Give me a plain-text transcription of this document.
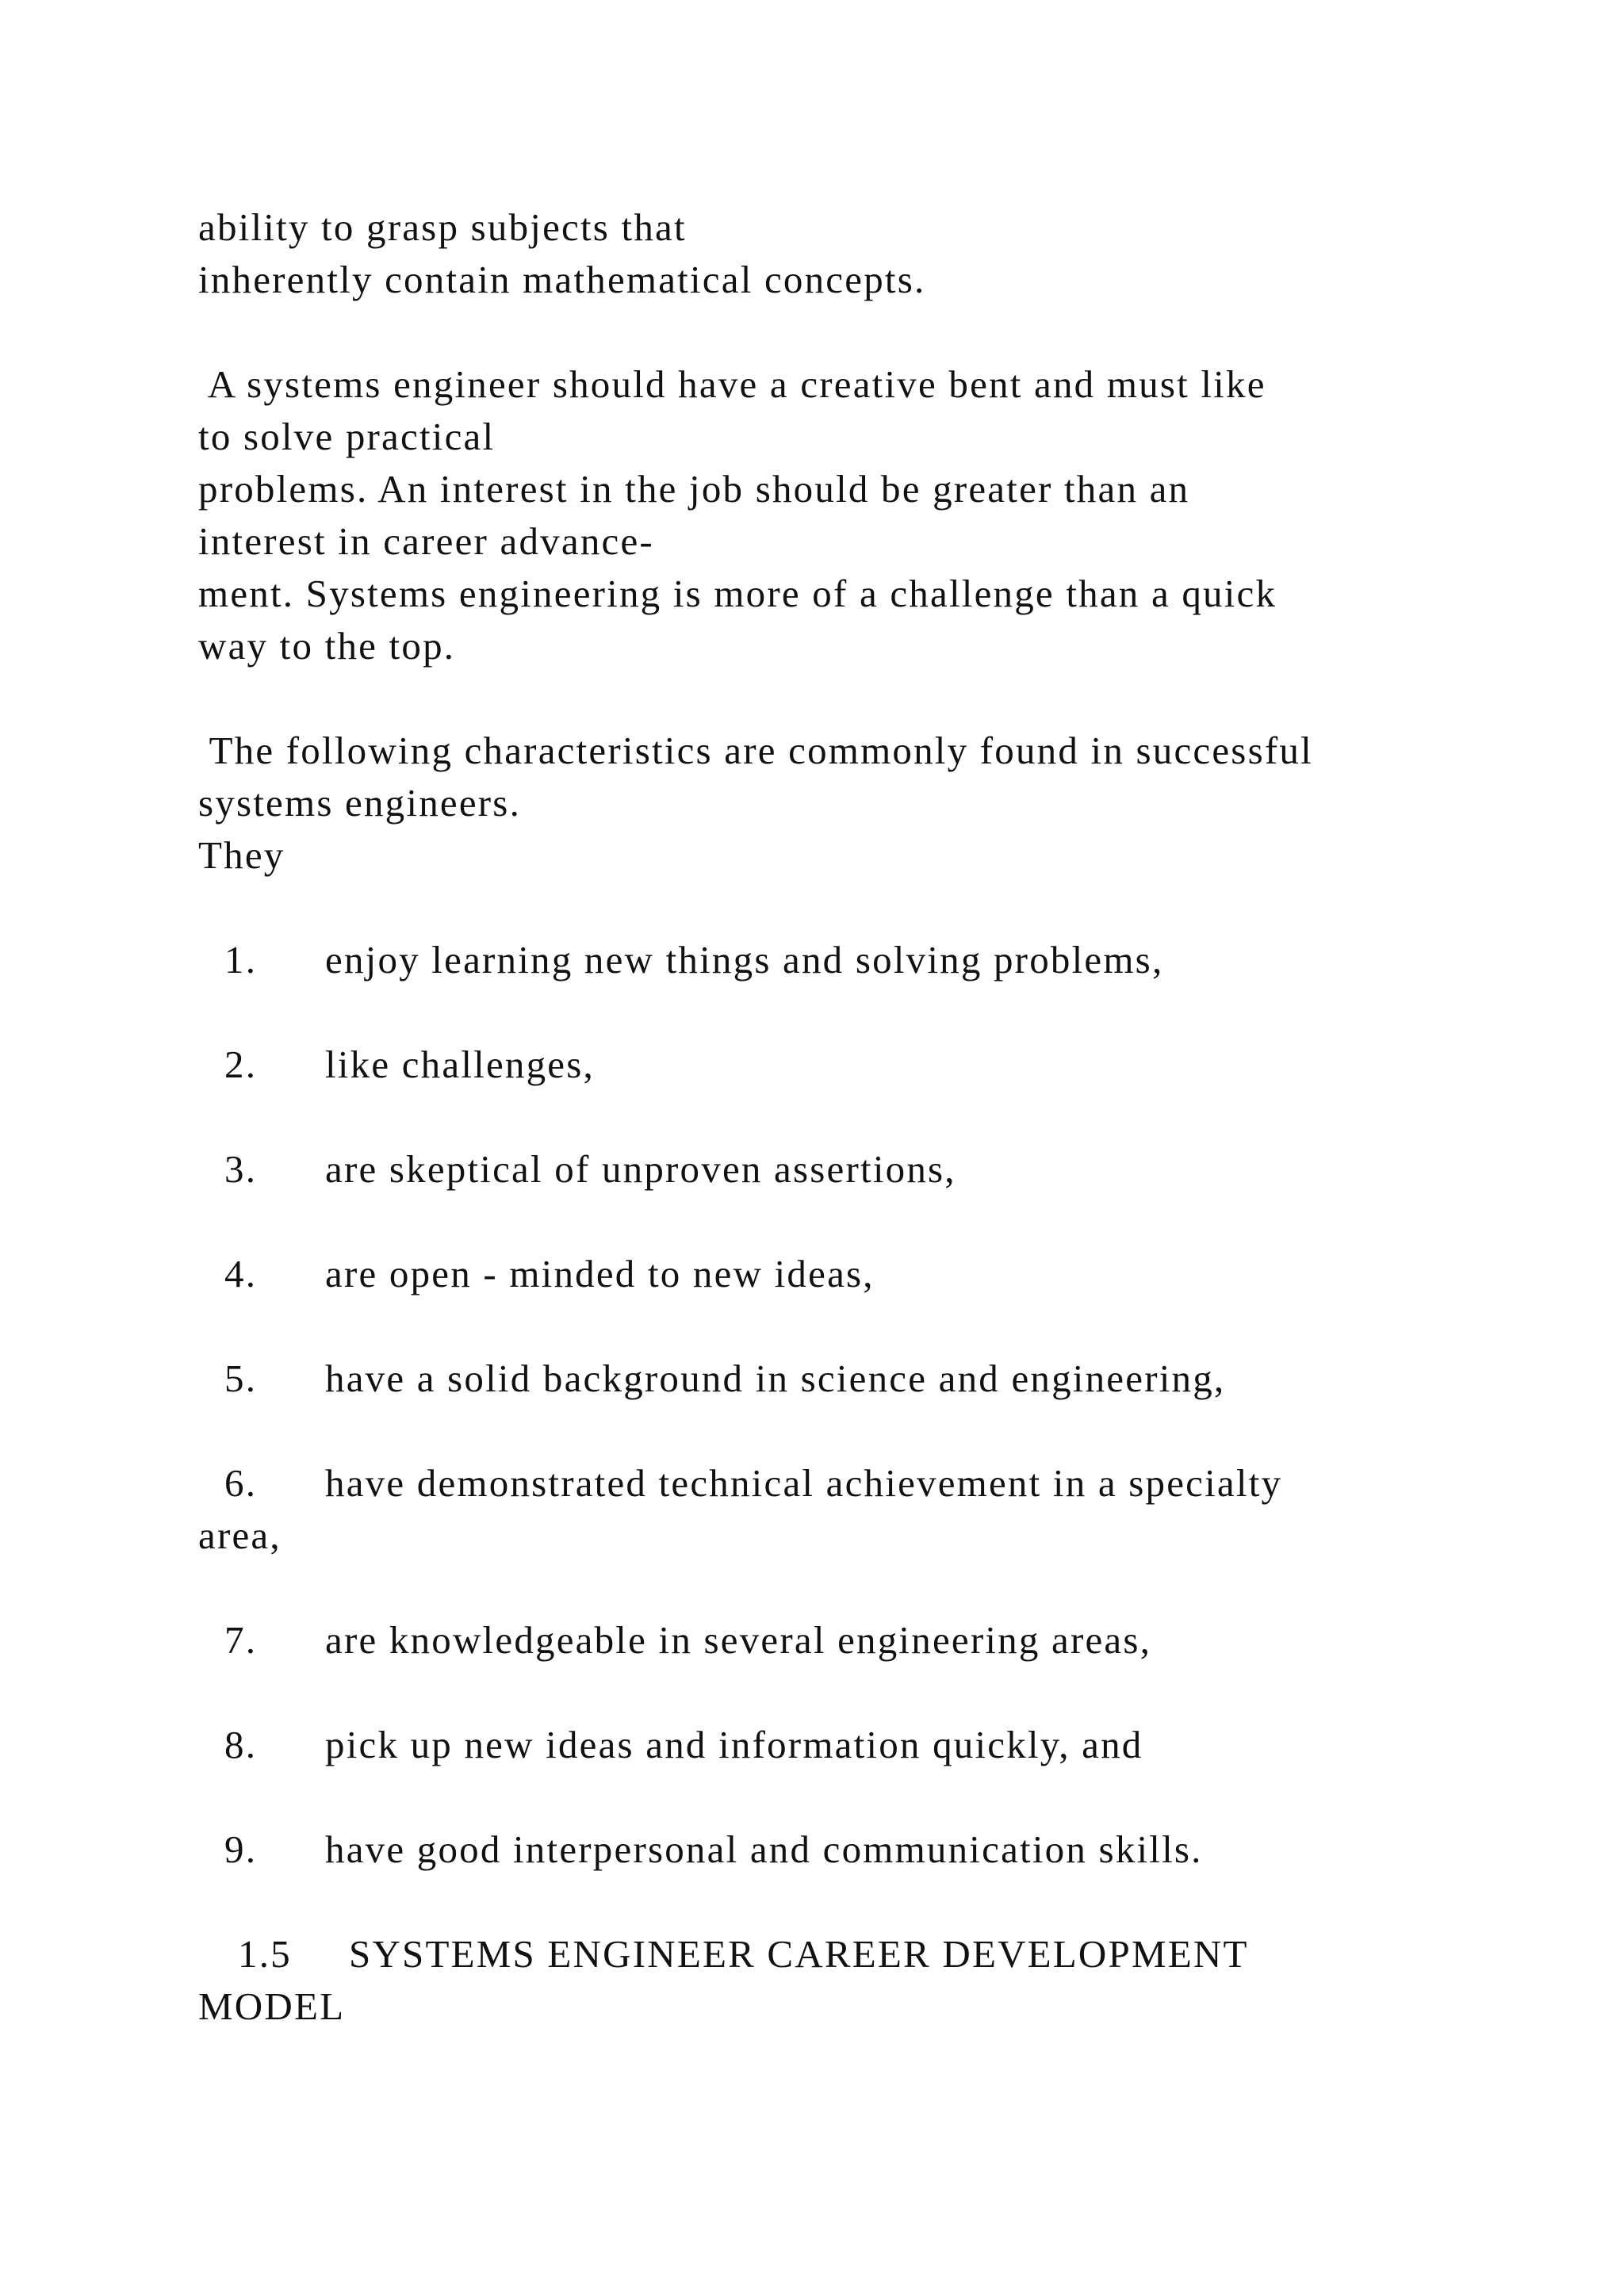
ability to grasp subjects that

inherently contain mathematical concepts.

A systems engineer should have a creative bent and must like

to solve practical

problems. An interest in the job should be greater than an

interest in career advance-

ment. Systems engineering is more of a challenge than a quick

way to the top.

The following characteristics are commonly found in successful

systems engineers.

They

1. enjoy learning new things and solving problems,
2. like challenges,
3. are skeptical of unproven assertions,
4. are open - minded to new ideas,
5. have a solid background in science and engineering,
6. have demonstrated technical achievement in a specialty
area,
7. are knowledgeable in several engineering areas,
8. pick up new ideas and information quickly, and
9. have good interpersonal and communication skills.
1.5 SYSTEMS ENGINEER CAREER DEVELOPMENT
MODEL
